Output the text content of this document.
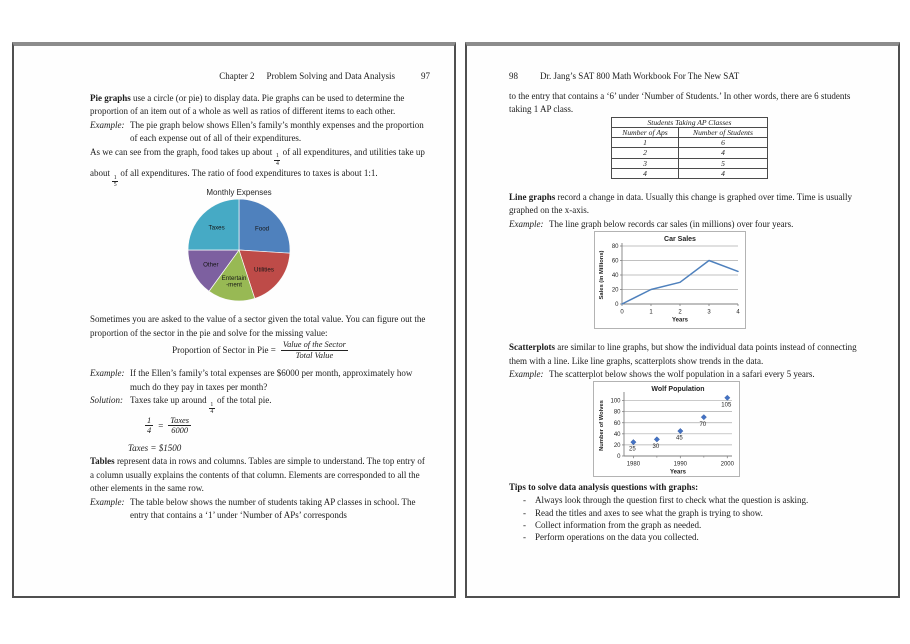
Chapter 2 Problem Solving and Data Analysis	97

Pie graphs use a circle (or pie) to display data. Pie graphs can be used to determine the proportion of an item out of a whole as well as ratios of different items to each other.

Example: The pie graph below shows Ellen’s family’s monthly expenses and the proportion of each expense out of all of their expenditures.

As we can see from the graph, food takes up about
$\frac{1}{4}$
of all expenditures, and utilities take up about
$\frac{1}{5}$
of all expenditures. The ratio of food expenditures to taxes is about 1:1.

Monthly Expenses
Food
Utilities
Entertain -ment
Other
Taxes

Sometimes you are asked to the value of a sector given the total value. You can figure out the proportion of the sector in the pie and solve for the missing value:

Proportion of Sector in Pie =
Value of the Sector
Total Value
Example: If the Ellen’s family’s total expenses are $6000 per month, approximately how much do they pay in taxes per month?
Solution: Taxes take up around
$\frac{1}{4}$
of the total pie.
$\frac{1}{4}$ =
Taxes
6000

Taxes = $1500

Tables represent data in rows and columns. Tables are simple to understand. The top entry of a column usually explains the contents of that column. Elements are corresponded to all the other elements in the same row.

Example: The table below shows the number of students taking AP classes in school. The entry that contains a ‘1’ under ‘Number of APs’ corresponds
98 Dr. Jang’s SAT 800 Math Workbook For The New SAT

to the entry that contains a ‘6’ under ‘Number of Students.’ In other words, there are 6 students taking 1 AP class.

Students Taking AP Classes	
Number of Aps	Number of Students
1	6
2	4
3	5
4	4

Line graphs record a change in data. Usually this change is graphed over time. Time is usually graphed on the x-axis.

Example: The line graph below records car sales (in millions) over four years.
Car Sales
0
20
40
60
80
0	1	2	3	4
Sales (in Millions)
Years

Scatterplots are similar to line graphs, but show the individual data points instead of connecting them with a line. Like line graphs, scatterplots show trends in the data.

Example: The scatterplot below shows the wolf population in a safari every 5 years.
Wolf Population
0
20
40
60
80
100
1980	1990	2000
Number of Wolves
Years
25	30
45
70
105
Tips to solve data analysis questions with graphs:
- Always look through the question first to check what the question is asking.
- Read the titles and axes to see what the graph is trying to show.
- Collect information from the graph as needed.
- Perform operations on the data you collected.
